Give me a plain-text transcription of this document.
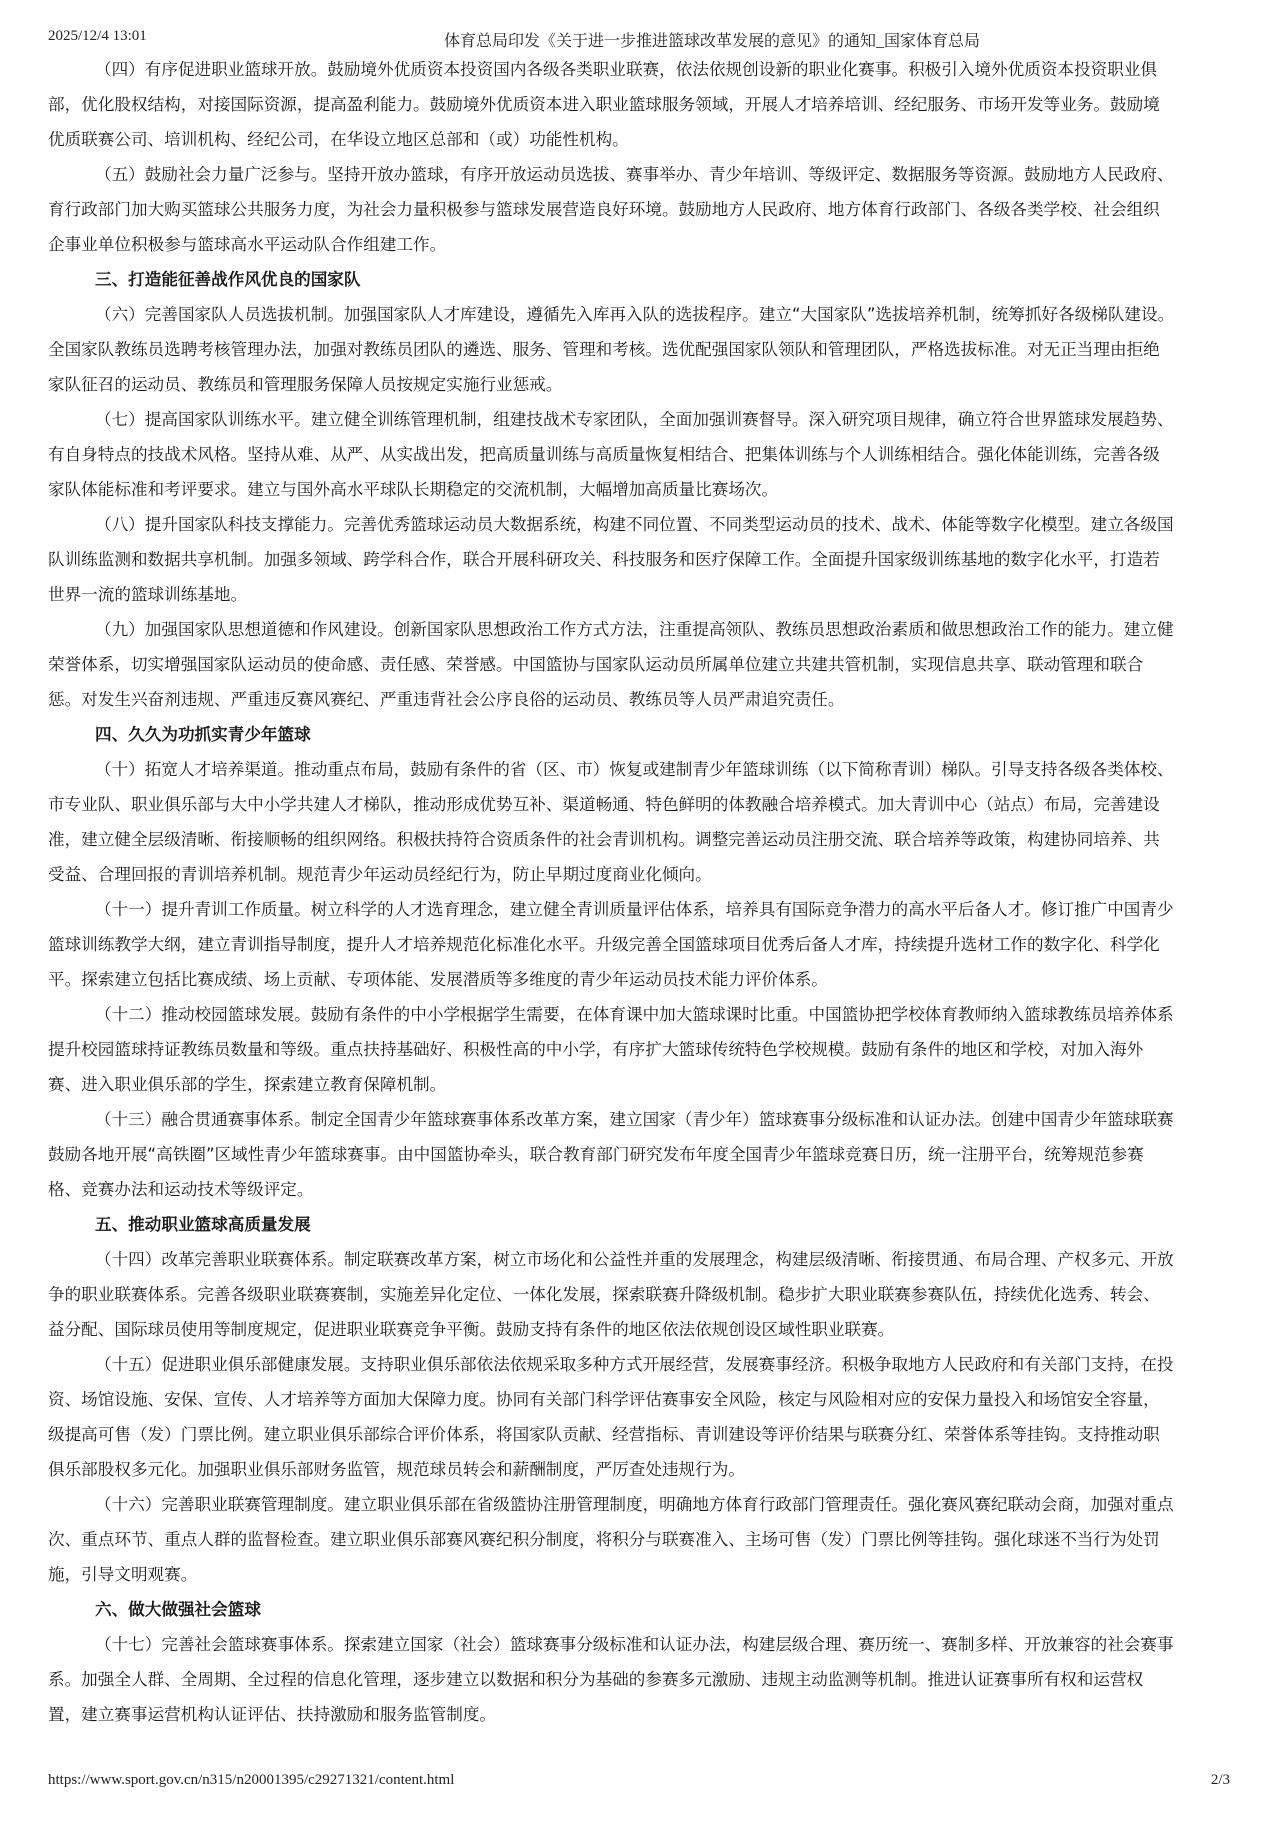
2025/12/4 13:01	体育总局印发《关于进一步推进篮球改革发展的意见》的通知_国家体育总局
（四）有序促进职业篮球开放。鼓励境外优质资本投资国内各级各类职业联赛，依法依规创设新的职业化赛事。积极引入境外优质资本投资职业俱
部，优化股权结构，对接国际资源，提高盈利能力。鼓励境外优质资本进入职业篮球服务领域，开展人才培养培训、经纪服务、市场开发等业务。鼓励境
优质联赛公司、培训机构、经纪公司，在华设立地区总部和（或）功能性机构。
（五）鼓励社会力量广泛参与。坚持开放办篮球，有序开放运动员选拔、赛事举办、青少年培训、等级评定、数据服务等资源。鼓励地方人民政府、
育行政部门加大购买篮球公共服务力度，为社会力量积极参与篮球发展营造良好环境。鼓励地方人民政府、地方体育行政部门、各级各类学校、社会组织
企事业单位积极参与篮球高水平运动队合作组建工作。
三、打造能征善战作风优良的国家队
（六）完善国家队人员选拔机制。加强国家队人才库建设，遵循先入库再入队的选拔程序。建立“大国家队”选拔培养机制，统筹抓好各级梯队建设。
全国家队教练员选聘考核管理办法，加强对教练员团队的遴选、服务、管理和考核。选优配强国家队领队和管理团队，严格选拔标准。对无正当理由拒绝
家队征召的运动员、教练员和管理服务保障人员按规定实施行业惩戒。
（七）提高国家队训练水平。建立健全训练管理机制，组建技战术专家团队，全面加强训赛督导。深入研究项目规律，确立符合世界篮球发展趋势、
有自身特点的技战术风格。坚持从难、从严、从实战出发，把高质量训练与高质量恢复相结合、把集体训练与个人训练相结合。强化体能训练，完善各级
家队体能标准和考评要求。建立与国外高水平球队长期稳定的交流机制，大幅增加高质量比赛场次。
（八）提升国家队科技支撑能力。完善优秀篮球运动员大数据系统，构建不同位置、不同类型运动员的技术、战术、体能等数字化模型。建立各级国
队训练监测和数据共享机制。加强多领域、跨学科合作，联合开展科研攻关、科技服务和医疗保障工作。全面提升国家级训练基地的数字化水平，打造若
世界一流的篮球训练基地。
（九）加强国家队思想道德和作风建设。创新国家队思想政治工作方式方法，注重提高领队、教练员思想政治素质和做思想政治工作的能力。建立健
荣誉体系，切实增强国家队运动员的使命感、责任感、荣誉感。中国篮协与国家队运动员所属单位建立共建共管机制，实现信息共享、联动管理和联合
惩。对发生兴奋剂违规、严重违反赛风赛纪、严重违背社会公序良俗的运动员、教练员等人员严肃追究责任。
四、久久为功抓实青少年篮球
（十）拓宽人才培养渠道。推动重点布局，鼓励有条件的省（区、市）恢复或建制青少年篮球训练（以下简称青训）梯队。引导支持各级各类体校、
市专业队、职业俱乐部与大中小学共建人才梯队，推动形成优势互补、渠道畅通、特色鲜明的体教融合培养模式。加大青训中心（站点）布局，完善建设
准，建立健全层级清晰、衔接顺畅的组织网络。积极扶持符合资质条件的社会青训机构。调整完善运动员注册交流、联合培养等政策，构建协同培养、共
受益、合理回报的青训培养机制。规范青少年运动员经纪行为，防止早期过度商业化倾向。
（十一）提升青训工作质量。树立科学的人才选育理念，建立健全青训质量评估体系，培养具有国际竞争潜力的高水平后备人才。修订推广中国青少
篮球训练教学大纲，建立青训指导制度，提升人才培养规范化标准化水平。升级完善全国篮球项目优秀后备人才库，持续提升选材工作的数字化、科学化
平。探索建立包括比赛成绩、场上贡献、专项体能、发展潜质等多维度的青少年运动员技术能力评价体系。
（十二）推动校园篮球发展。鼓励有条件的中小学根据学生需要，在体育课中加大篮球课时比重。中国篮协把学校体育教师纳入篮球教练员培养体系
提升校园篮球持证教练员数量和等级。重点扶持基础好、积极性高的中小学，有序扩大篮球传统特色学校规模。鼓励有条件的地区和学校，对加入海外
赛、进入职业俱乐部的学生，探索建立教育保障机制。
（十三）融合贯通赛事体系。制定全国青少年篮球赛事体系改革方案，建立国家（青少年）篮球赛事分级标准和认证办法。创建中国青少年篮球联赛
鼓励各地开展“高铁圈”区域性青少年篮球赛事。由中国篮协牵头，联合教育部门研究发布年度全国青少年篮球竞赛日历，统一注册平台，统筹规范参赛
格、竞赛办法和运动技术等级评定。
五、推动职业篮球高质量发展
（十四）改革完善职业联赛体系。制定联赛改革方案，树立市场化和公益性并重的发展理念，构建层级清晰、衔接贯通、布局合理、产权多元、开放
争的职业联赛体系。完善各级职业联赛赛制，实施差异化定位、一体化发展，探索联赛升降级机制。稳步扩大职业联赛参赛队伍，持续优化选秀、转会、
益分配、国际球员使用等制度规定，促进职业联赛竞争平衡。鼓励支持有条件的地区依法依规创设区域性职业联赛。
（十五）促进职业俱乐部健康发展。支持职业俱乐部依法依规采取多种方式开展经营，发展赛事经济。积极争取地方人民政府和有关部门支持，在投
资、场馆设施、安保、宣传、人才培养等方面加大保障力度。协同有关部门科学评估赛事安全风险，核定与风险相对应的安保力量投入和场馆安全容量，
级提高可售（发）门票比例。建立职业俱乐部综合评价体系，将国家队贡献、经营指标、青训建设等评价结果与联赛分红、荣誉体系等挂钩。支持推动职
俱乐部股权多元化。加强职业俱乐部财务监管，规范球员转会和薪酬制度，严厉查处违规行为。
（十六）完善职业联赛管理制度。建立职业俱乐部在省级篮协注册管理制度，明确地方体育行政部门管理责任。强化赛风赛纪联动会商，加强对重点
次、重点环节、重点人群的监督检查。建立职业俱乐部赛风赛纪积分制度，将积分与联赛准入、主场可售（发）门票比例等挂钩。强化球迷不当行为处罚
施，引导文明观赛。
六、做大做强社会篮球
（十七）完善社会篮球赛事体系。探索建立国家（社会）篮球赛事分级标准和认证办法，构建层级合理、赛历统一、赛制多样、开放兼容的社会赛事
系。加强全人群、全周期、全过程的信息化管理，逐步建立以数据和积分为基础的参赛多元激励、违规主动监测等机制。推进认证赛事所有权和运营权
置，建立赛事运营机构认证评估、扶持激励和服务监管制度。
https://www.sport.gov.cn/n315/n20001395/c29271321/content.html	2/3
